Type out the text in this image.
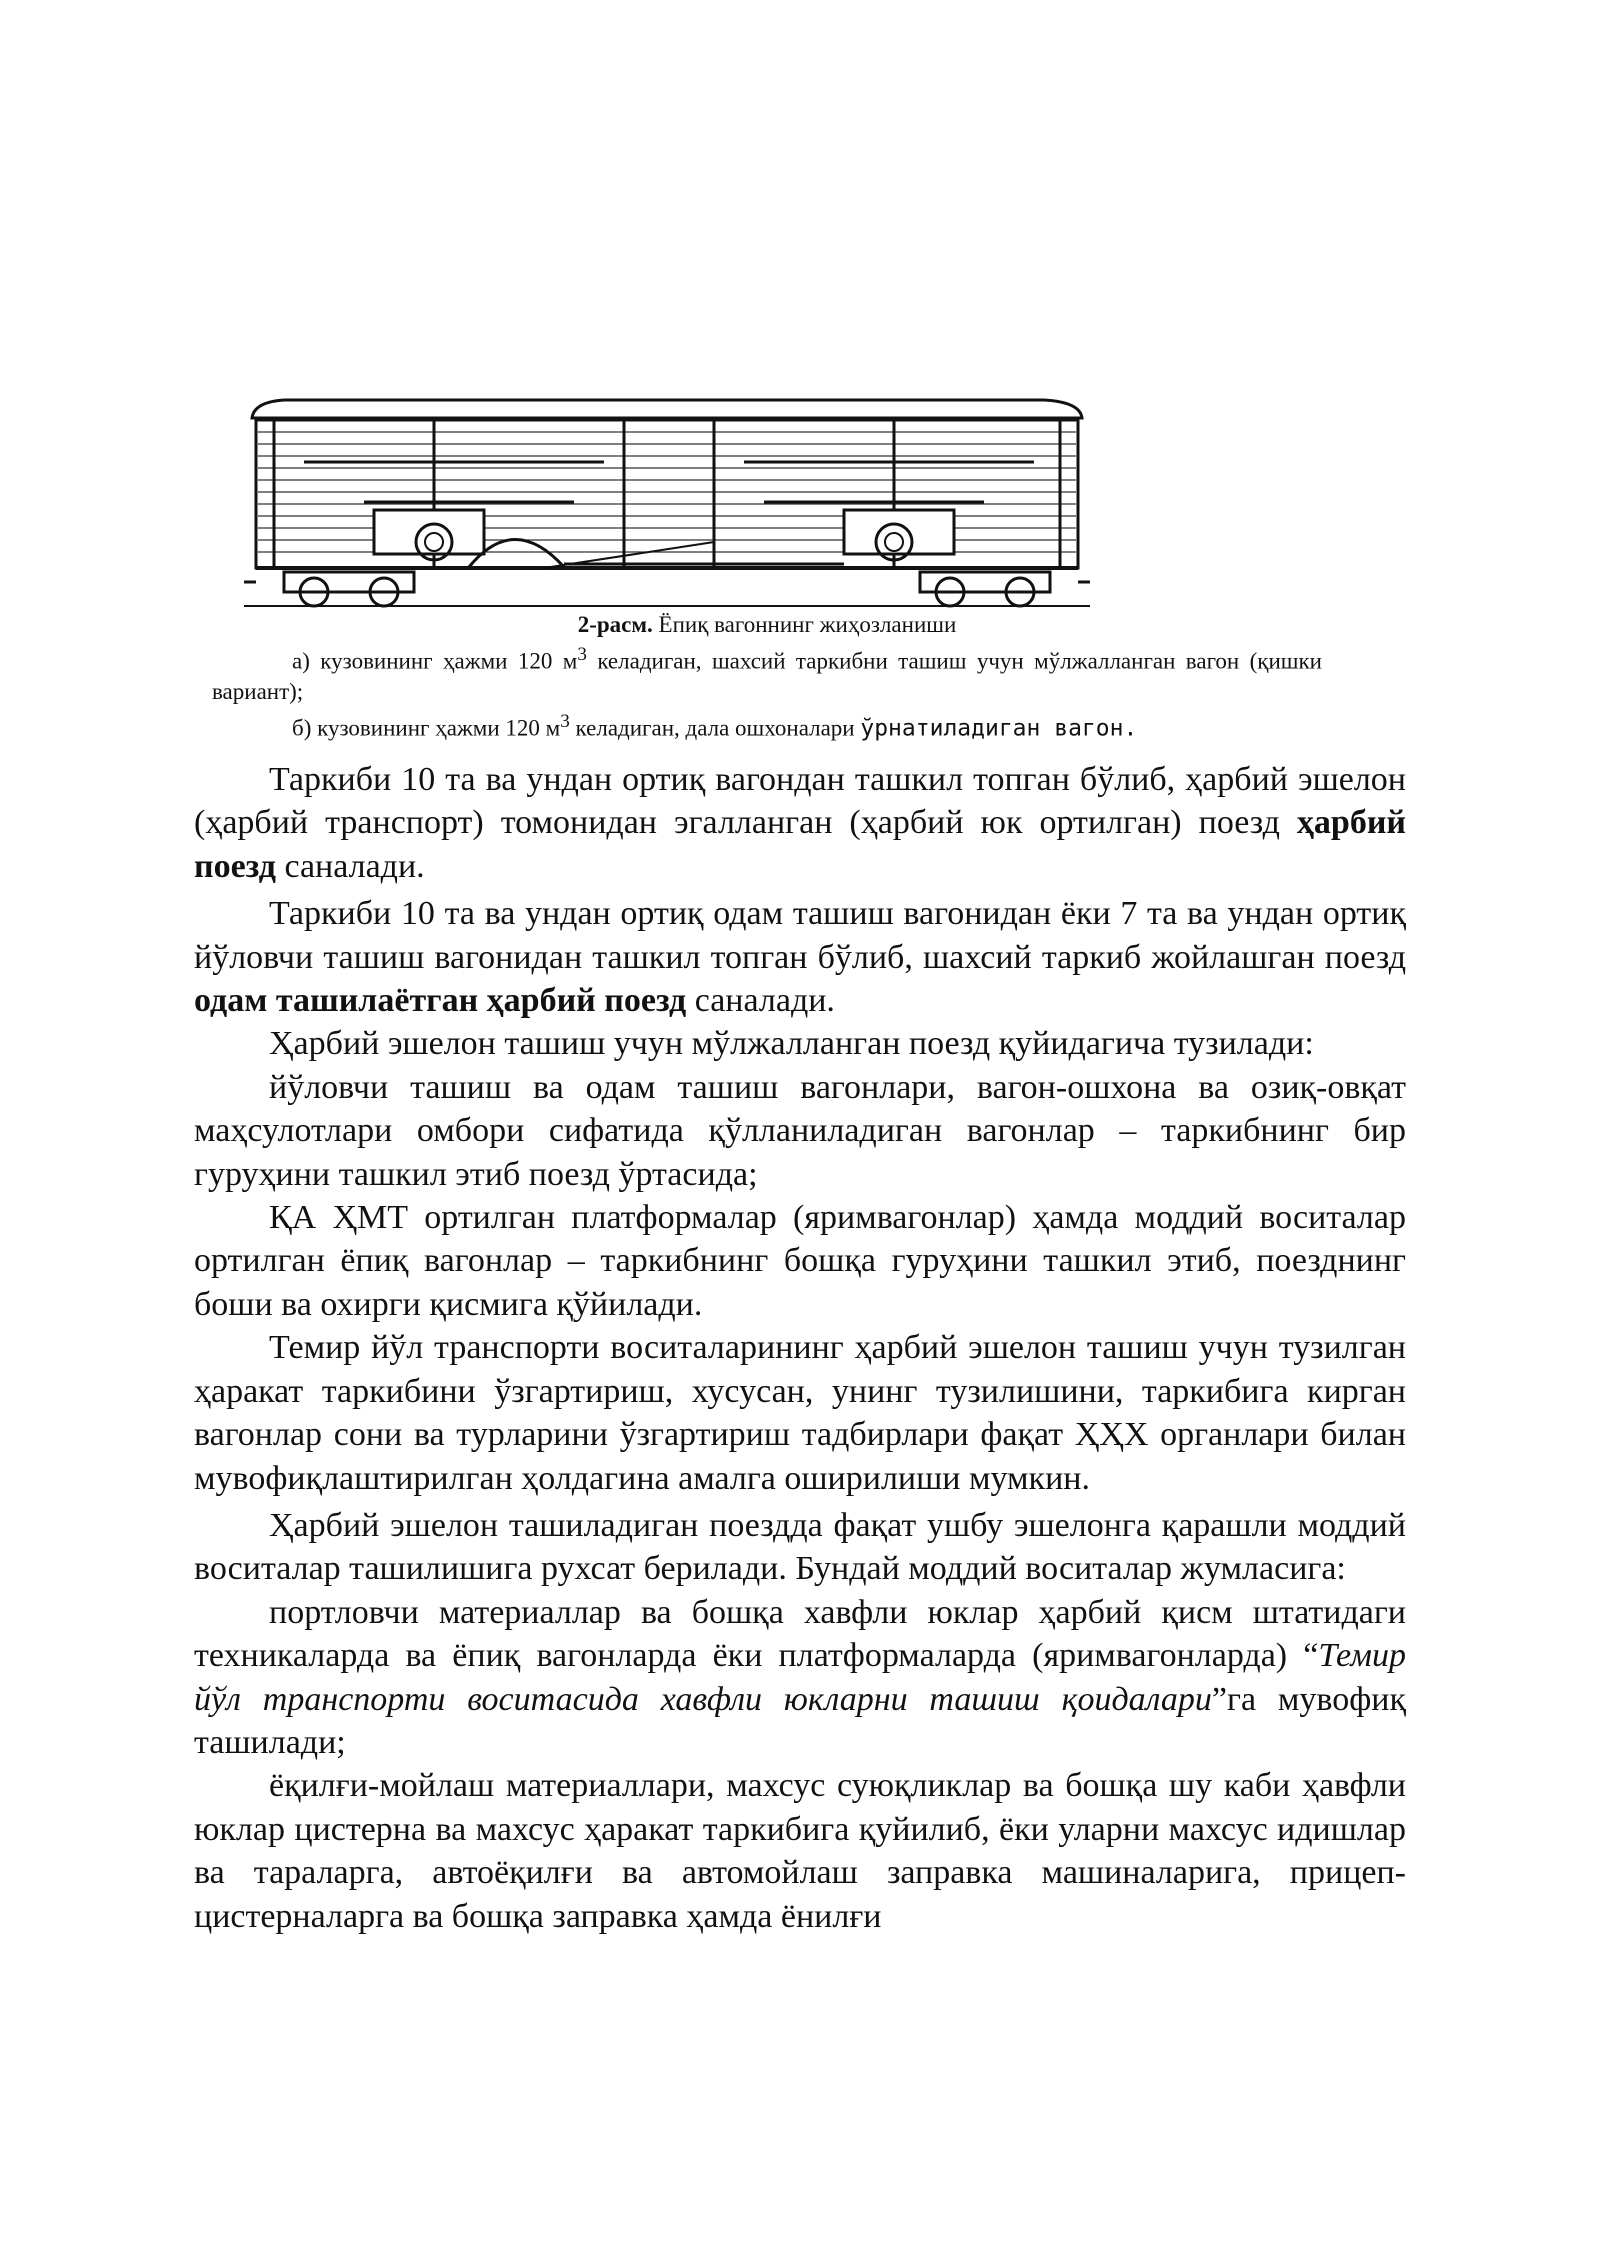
2-расм. Ёпиқ вагоннинг жиҳозланиши
а) кузовининг ҳажми 120 $м^3$ келадиган, шахсий таркибни ташиш учун мўлжалланган вагон (қишки вариант);
б) кузовининг ҳажми 120 $м^3$ келадиган, дала ошхоналари ўрнатиладиган вагон.

Таркиби 10 та ва ундан ортиқ вагондан ташкил топган бўлиб, ҳарбий эшелон (ҳарбий транспорт) томонидан эгалланган (ҳарбий юк ортилган) поезд ҳарбий поезд саналади.

Таркиби 10 та ва ундан ортиқ одам ташиш вагонидан ёки 7 та ва ундан ортиқ йўловчи ташиш вагонидан ташкил топган бўлиб, шахсий таркиб жойлашган поезд одам ташилаётган ҳарбий поезд саналади.

Ҳарбий эшелон ташиш учун мўлжалланган поезд қуйидагича тузилади:

йўловчи ташиш ва одам ташиш вагонлари, вагон-ошхона ва озиқ-овқат маҳсулотлари омбори сифатида қўлланиладиган вагонлар – таркибнинг бир гуруҳини ташкил этиб поезд ўртасида;

ҚА ҲМТ ортилган платформалар (яримвагонлар) ҳамда моддий воситалар ортилган ёпиқ вагонлар – таркибнинг бошқа гуруҳини ташкил этиб, поезднинг боши ва охирги қисмига қўйилади.

Темир йўл транспорти воситаларининг ҳарбий эшелон ташиш учун тузилган ҳаракат таркибини ўзгартириш, хусусан, унинг тузилишини, таркибига кирган вагонлар сони ва турларини ўзгартириш тадбирлари фақат ҲҲХ органлари билан мувофиқлаштирилган ҳолдагина амалга оширилиши мумкин.

Ҳарбий эшелон ташиладиган поездда фақат ушбу эшелонга қарашли моддий воситалар ташилишига рухсат берилади. Бундай моддий воситалар жумласига:

портловчи материаллар ва бошқа хавфли юклар ҳарбий қисм штатидаги техникаларда ва ёпиқ вагонларда ёки платформаларда (яримвагонларда) “Темир йўл транспорти воситасида хавфли юкларни ташиш қоидалари”га мувофиқ ташилади;

ёқилғи-мойлаш материаллари, махсус суюқликлар ва бошқа шу каби ҳавфли юклар цистерна ва махсус ҳаракат таркибига қуйилиб, ёки уларни махсус идишлар ва тараларга, автоёқилғи ва автомойлаш заправка машиналарига, прицеп-цистерналарга ва бошқа заправка ҳамда ёнилғи
